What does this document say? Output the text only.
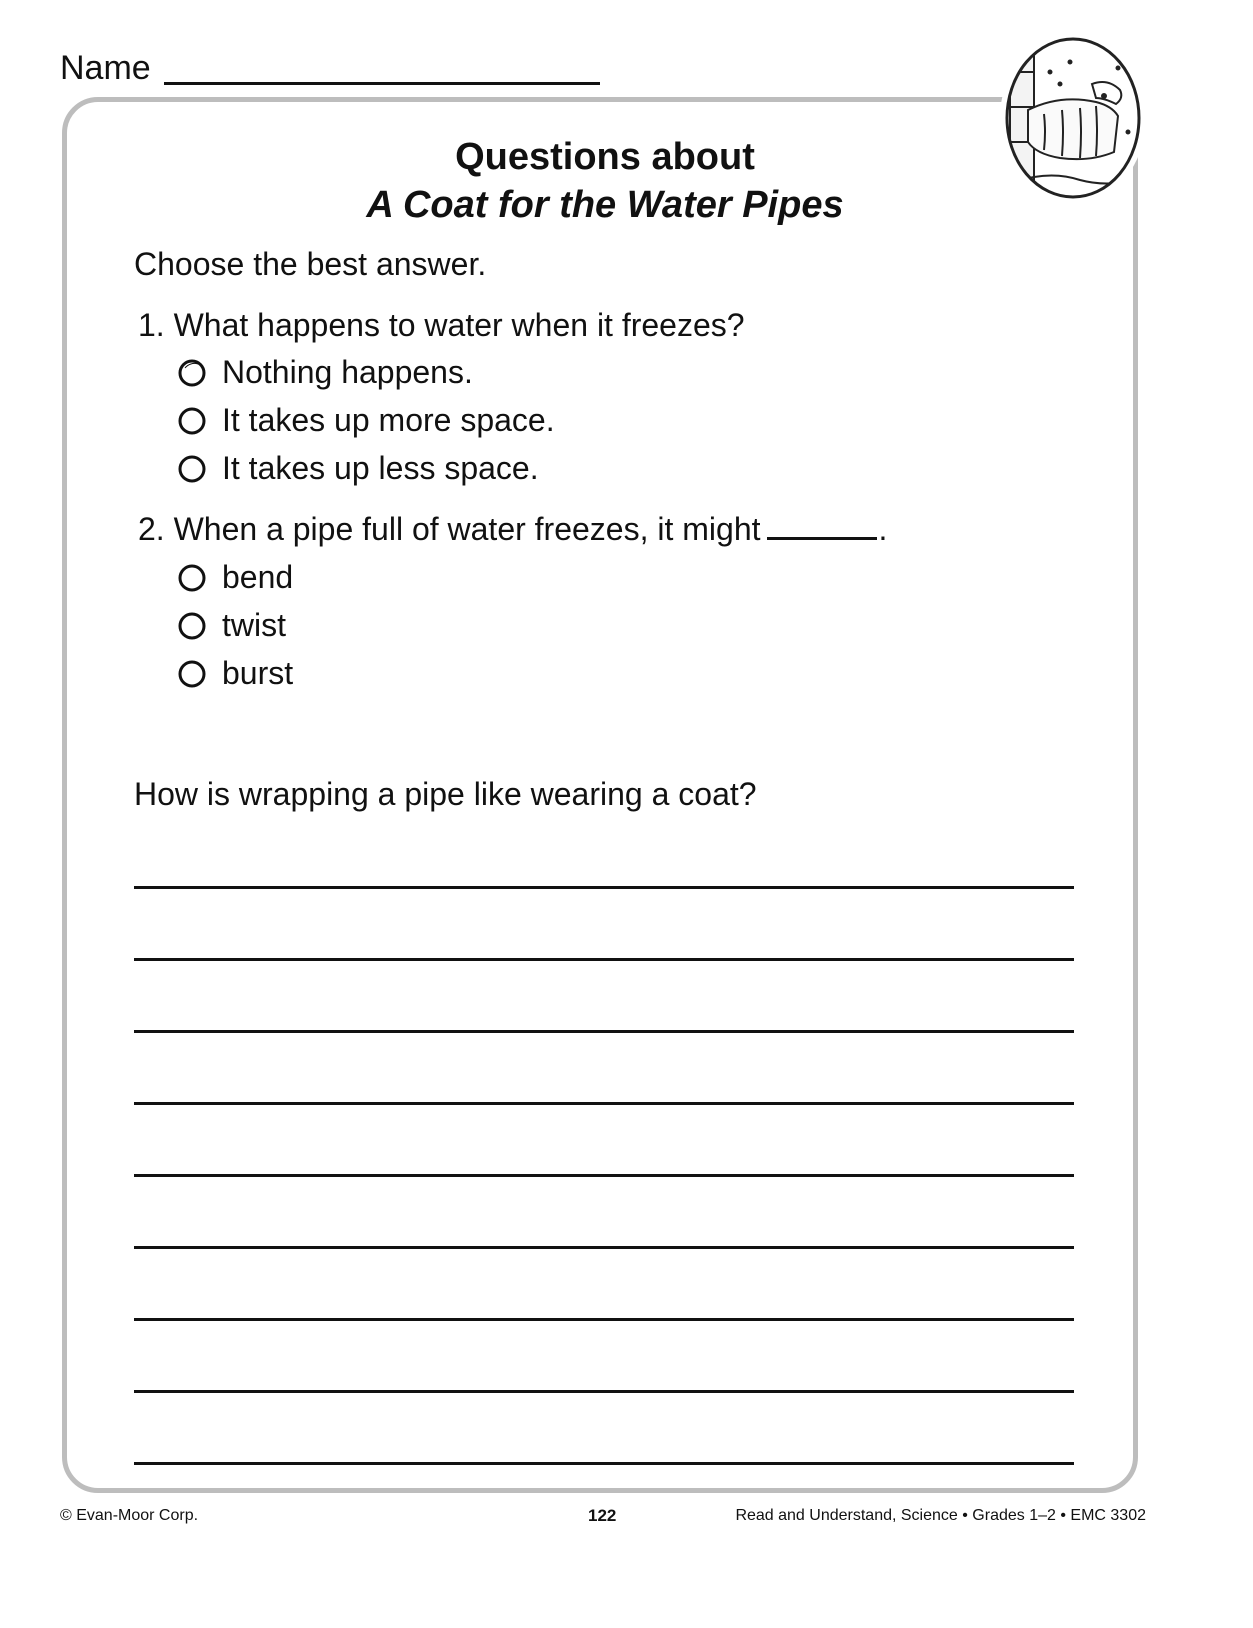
Name
Questions about
A Coat for the Water Pipes
Choose the best answer.
1. What happens to water when it freezes?
Nothing happens.
It takes up more space.
It takes up less space.
2. When a pipe full of water freezes, it might	.
bend
twist
burst
How is wrapping a pipe like wearing a coat?
© Evan-Moor Corp.	122	Read and Understand, Science • Grades 1–2 • EMC 3302
